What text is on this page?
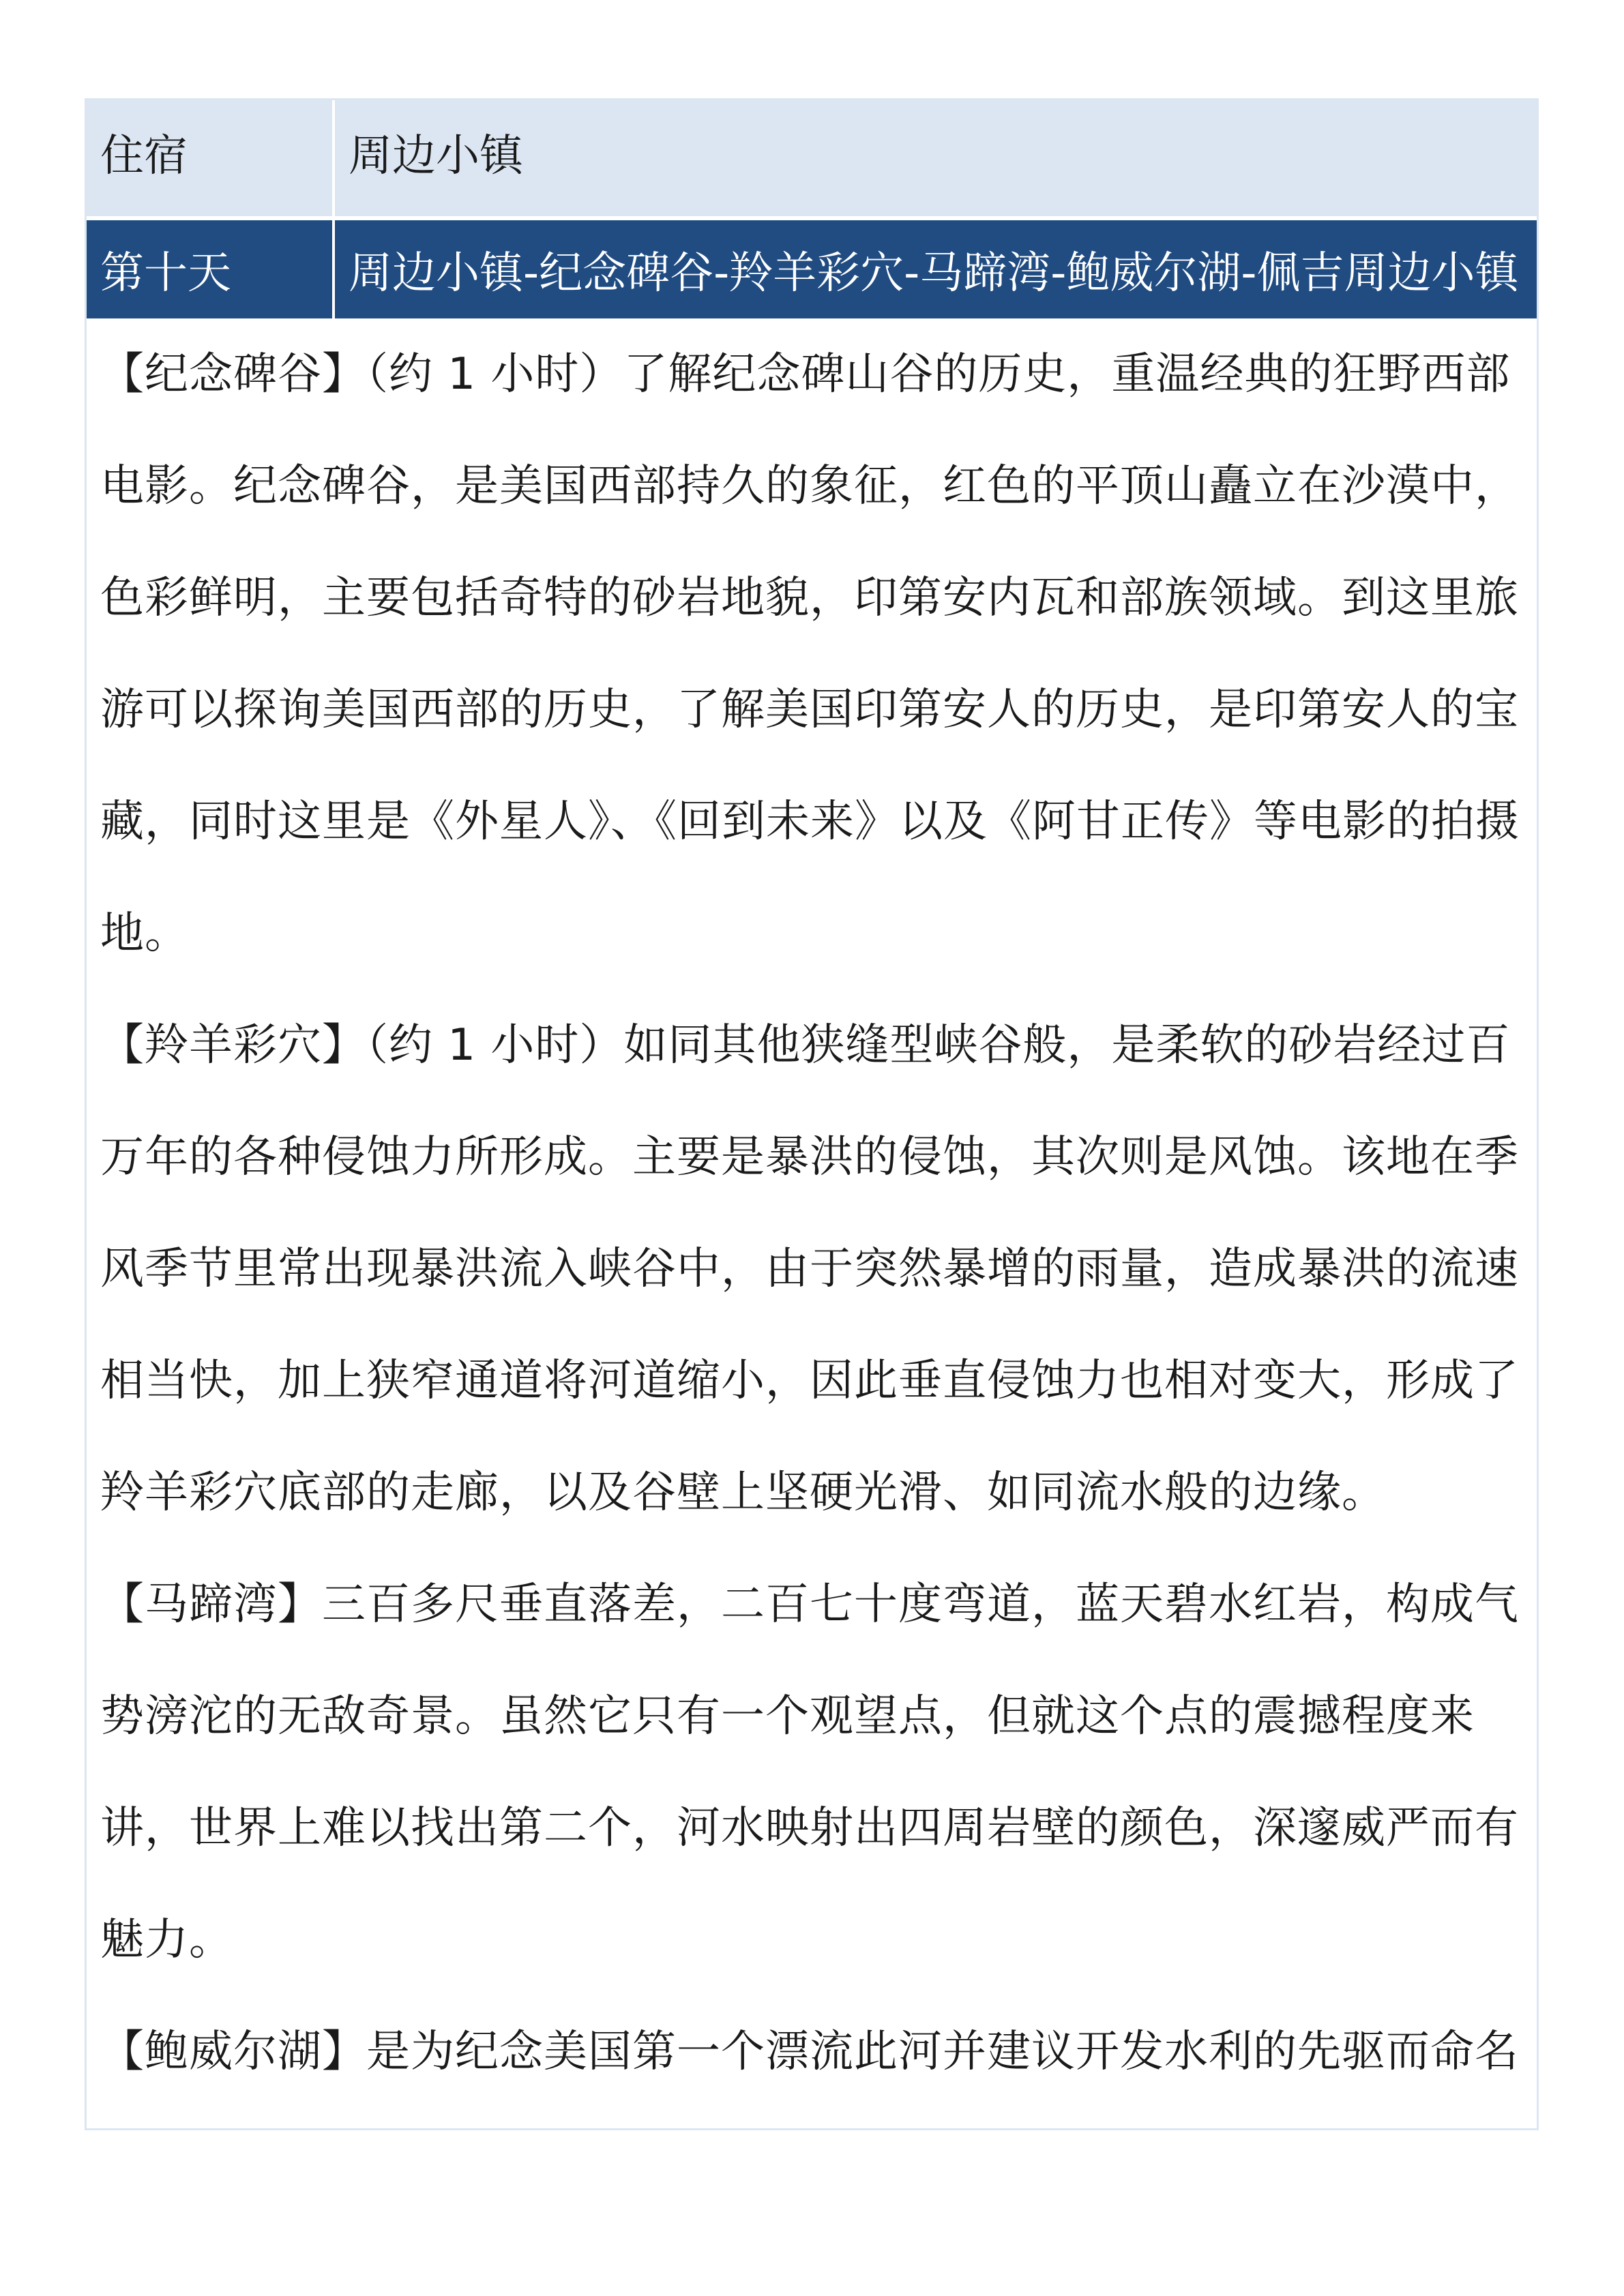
住宿	周边小镇
第十天	周边小镇-纪念碑谷-羚羊彩穴-马蹄湾-鲍威尔湖-佩吉周边小镇

【纪念碑谷】（约 1 小时）了解纪念碑山谷的历史，重温经典的狂野西部电影。纪念碑谷，是美国西部持久的象征，红色的平顶山矗立在沙漠中，色彩鲜明，主要包括奇特的砂岩地貌，印第安内瓦和部族领域。到这里旅游可以探询美国西部的历史，了解美国印第安人的历史，是印第安人的宝藏，同时这里是《外星人》、《回到未来》以及《阿甘正传》等电影的拍摄地。

【羚羊彩穴】（约 1 小时）如同其他狭缝型峡谷般，是柔软的砂岩经过百万年的各种侵蚀力所形成。主要是暴洪的侵蚀，其次则是风蚀。该地在季风季节里常出现暴洪流入峡谷中，由于突然暴增的雨量，造成暴洪的流速相当快，加上狭窄通道将河道缩小，因此垂直侵蚀力也相对变大，形成了羚羊彩穴底部的走廊，以及谷壁上坚硬光滑、如同流水般的边缘。

【马蹄湾】三百多尺垂直落差，二百七十度弯道，蓝天碧水红岩，构成气势滂沱的无敌奇景。虽然它只有一个观望点，但就这个点的震撼程度来讲，世界上难以找出第二个，河水映射出四周岩壁的颜色，深邃威严而有魅力。

【鲍威尔湖】是为纪念美国第一个漂流此河并建议开发水利的先驱而命名
